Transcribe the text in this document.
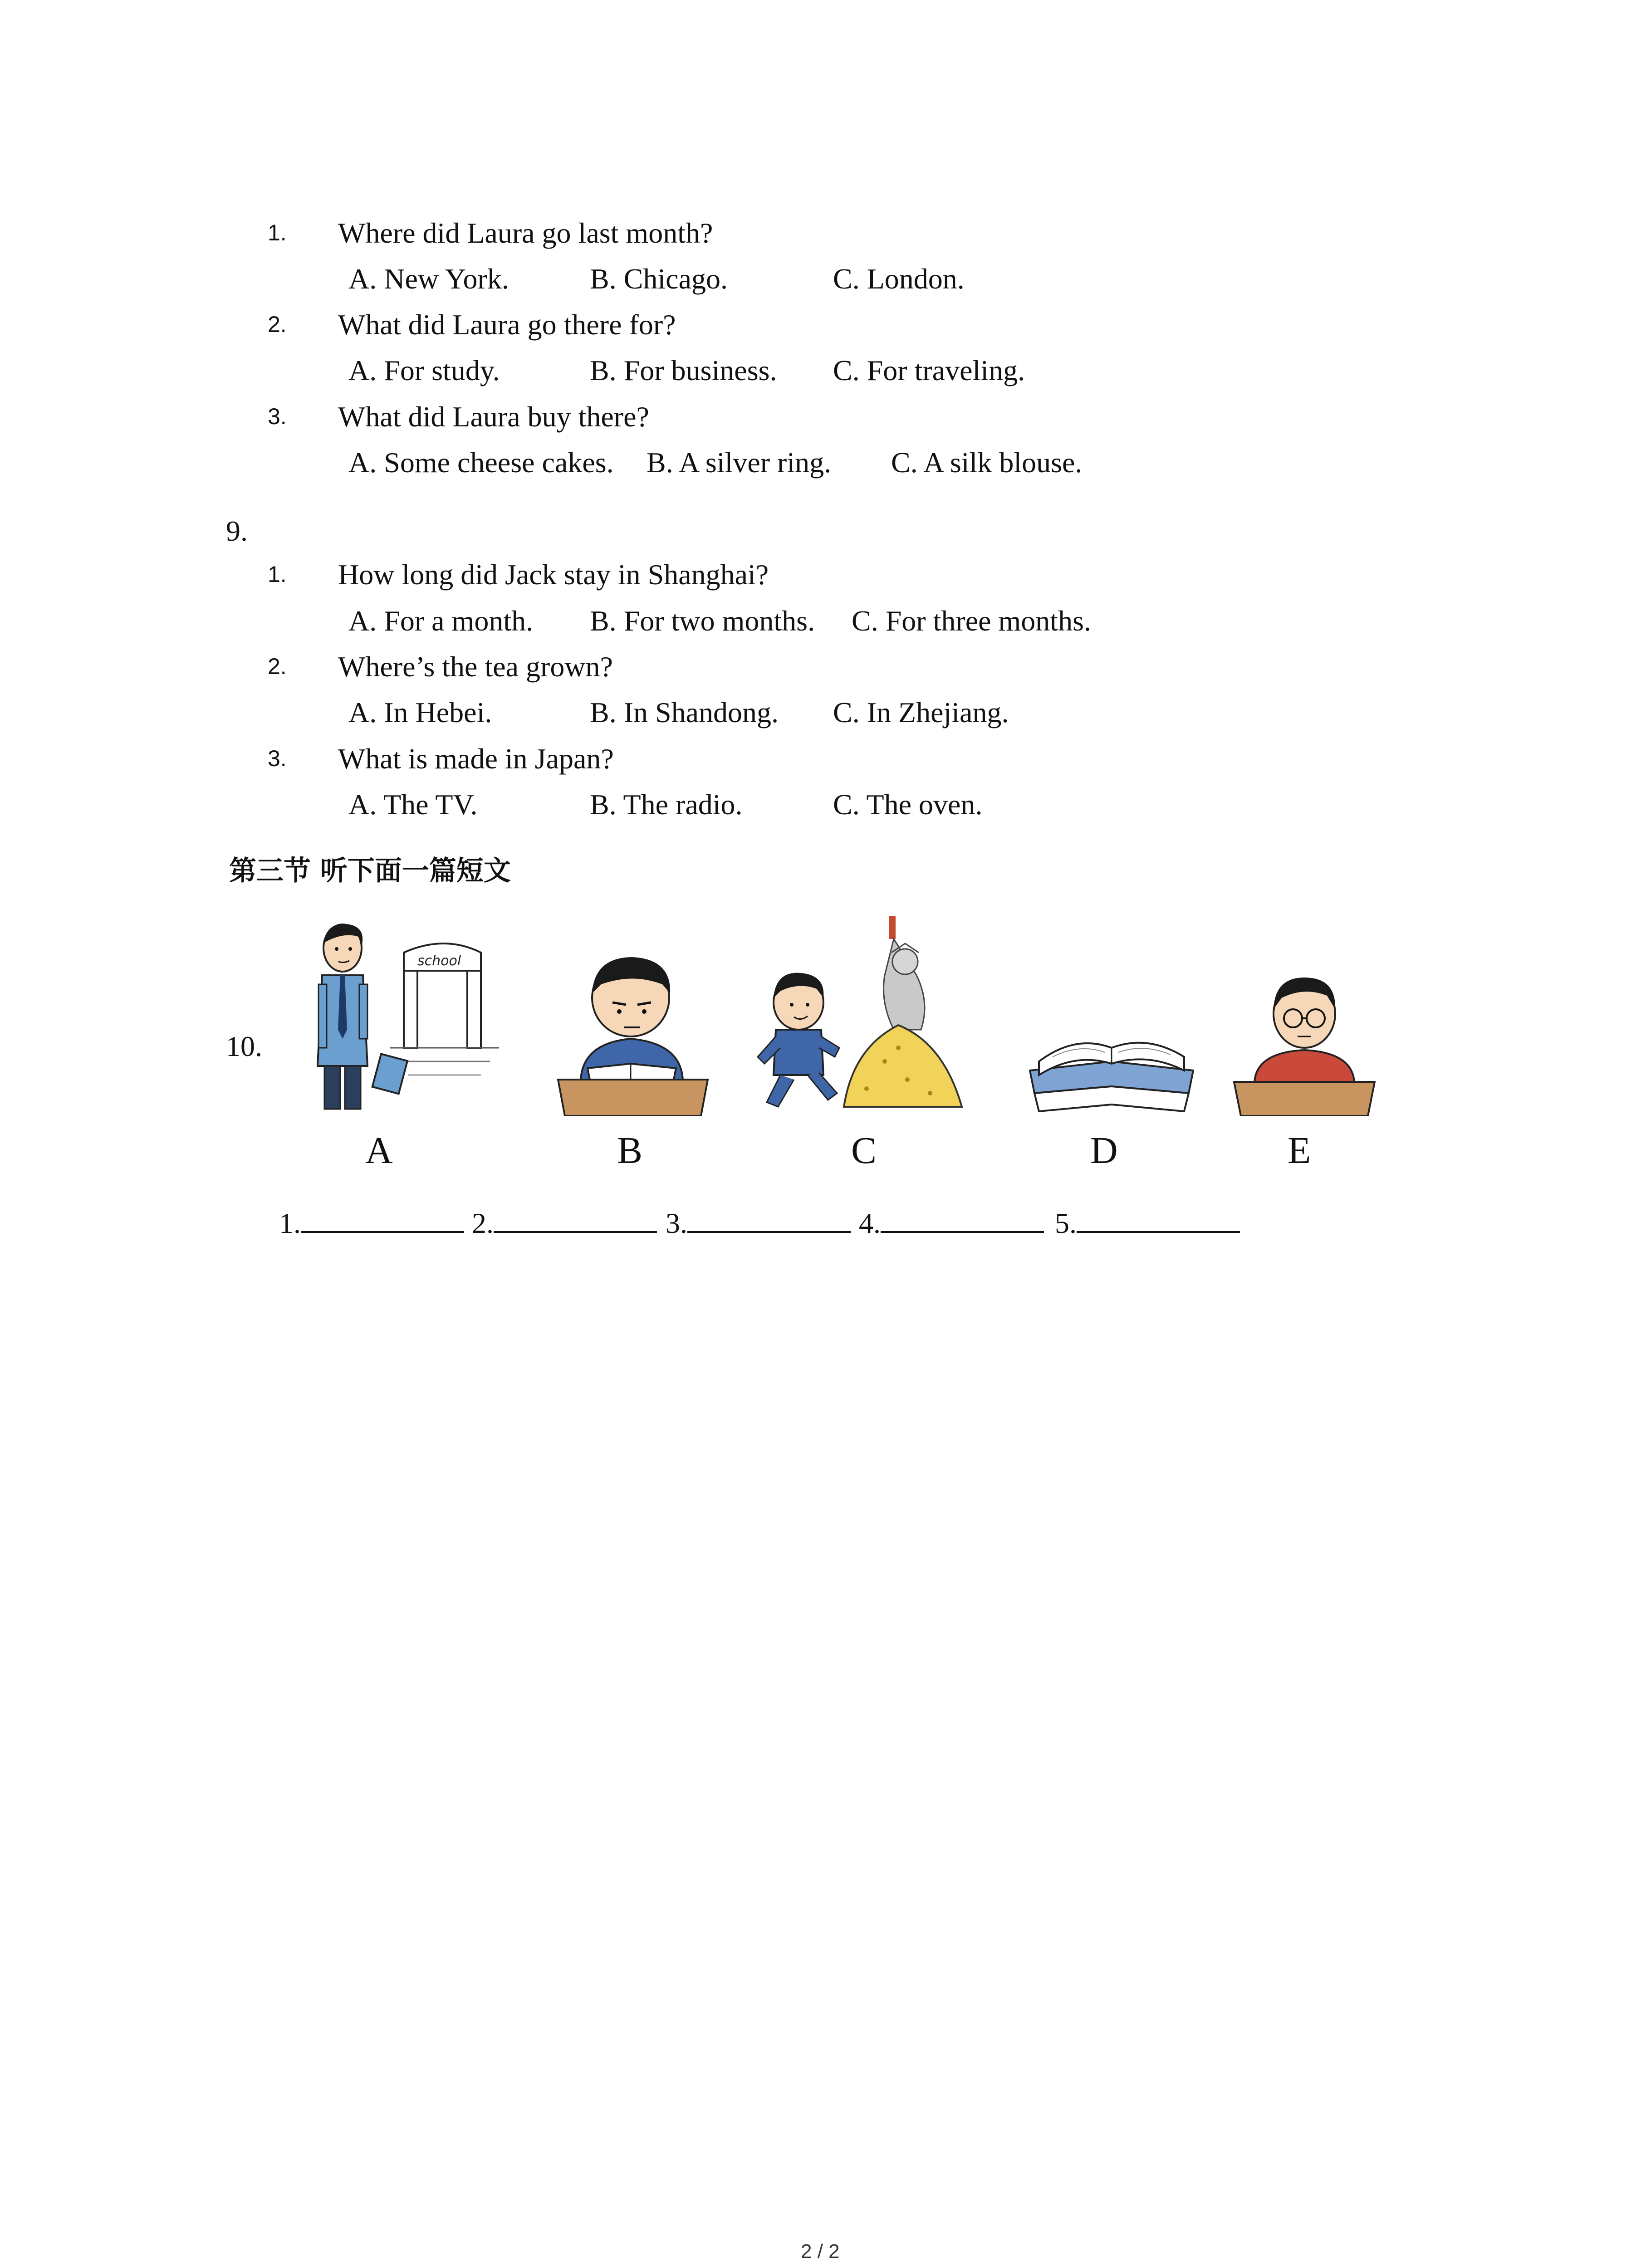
1. Where did Laura go last month?
A. New York.	B. Chicago.	C. London.
2. What did Laura go there for?
A. For study.	B. For business. C. For traveling.
3. What did Laura buy there?
A. Some cheese cakes. B. A silver ring. C. A silk blouse.
9.
1. How long did Jack stay in Shanghai?
A. For a month. B. For two months. C. For three months.
2. Where’s the tea grown?
A. In Hebei.	B. In Shandong. C. In Zhejiang.
3. What is made in Japan?
A. The TV.	B. The radio.	C. The oven.
第三节 听下面一篇短文
10.
school
A	B	C	D	E
1.	2.	3.	4.	5.
2 / 2
